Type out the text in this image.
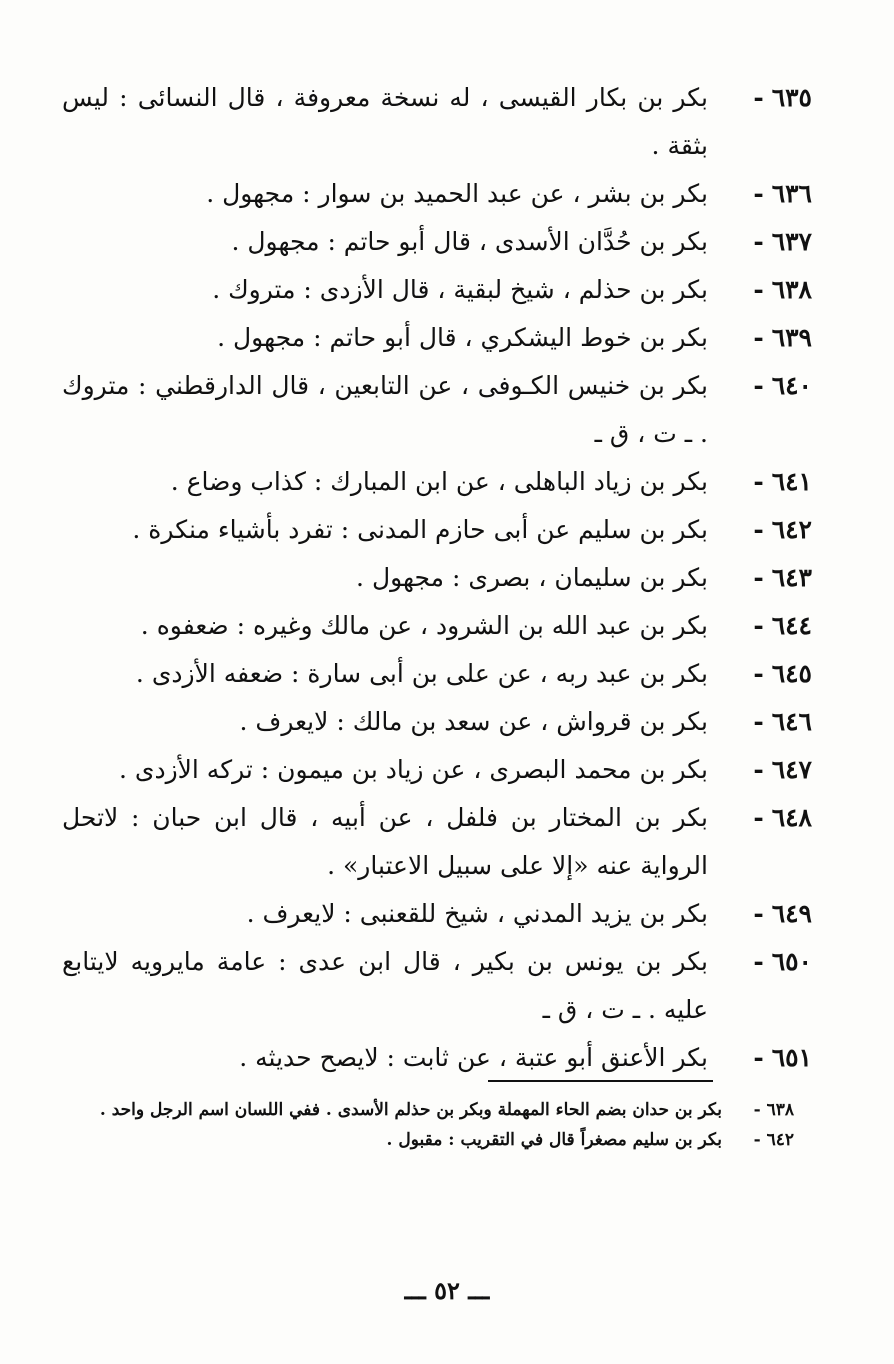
٦٣٥-
بكر بن بكار القيسى ، له نسخة معروفة ، قال النسائى : ليس بثقة .
٦٣٦-
بكر بن بشر ، عن عبد الحميد بن سوار : مجهول .
٦٣٧-
بكر بن حُدَّان الأسدى ، قال أبو حاتم : مجهول .
٦٣٨-
بكر بن حذلم ، شيخ لبقية ، قال الأزدى : متروك .
٦٣٩-
بكر بن خوط اليشكري ، قال أبو حاتم : مجهول .
٦٤٠-
بكر بن خنيس الكـوفى ، عن التابعين ، قال الدارقطني : متروك . ـ ت ، ق ـ
٦٤١-
بكر بن زياد الباهلى ، عن ابن المبارك : كذاب وضاع .
٦٤٢-
بكر بن سليم عن أبى حازم المدنى : تفرد بأشياء منكرة .
٦٤٣-
بكر بن سليمان ، بصرى : مجهول .
٦٤٤-
بكر بن عبد الله بن الشرود ، عن مالك وغيره : ضعفوه .
٦٤٥-
بكر بن عبد ربه ، عن على بن أبى سارة : ضعفه الأزدى .
٦٤٦-
بكر بن قرواش ، عن سعد بن مالك : لايعرف .
٦٤٧-
بكر بن محمد البصرى ، عن زياد بن ميمون : تركه الأزدى .
٦٤٨-
بكر بن المختار بن فلفل ، عن أبيه ، قال ابن حبان : لاتحل الرواية عنه «إلا على سبيل الاعتبار» .
٦٤٩-
بكر بن يزيد المدني ، شيخ للقعنبى : لايعرف .
٦٥٠-
بكر بن يونس بن بكير ، قال ابن عدى : عامة مايرويه لايتابع عليه . ـ ت ، ق ـ
٦٥١-
بكر الأعنق أبو عتبة ، عن ثابت : لايصح حديثه .
٦٣٨ -
بكر بن حدان بضم الحاء المهملة وبكر بن حذلم الأسدى . ففي اللسان اسم الرجل واحد .
٦٤٢ -
بكر بن سليم مصغراً قال في التقريب : مقبول .
ـــ ٥٢ ـــ
